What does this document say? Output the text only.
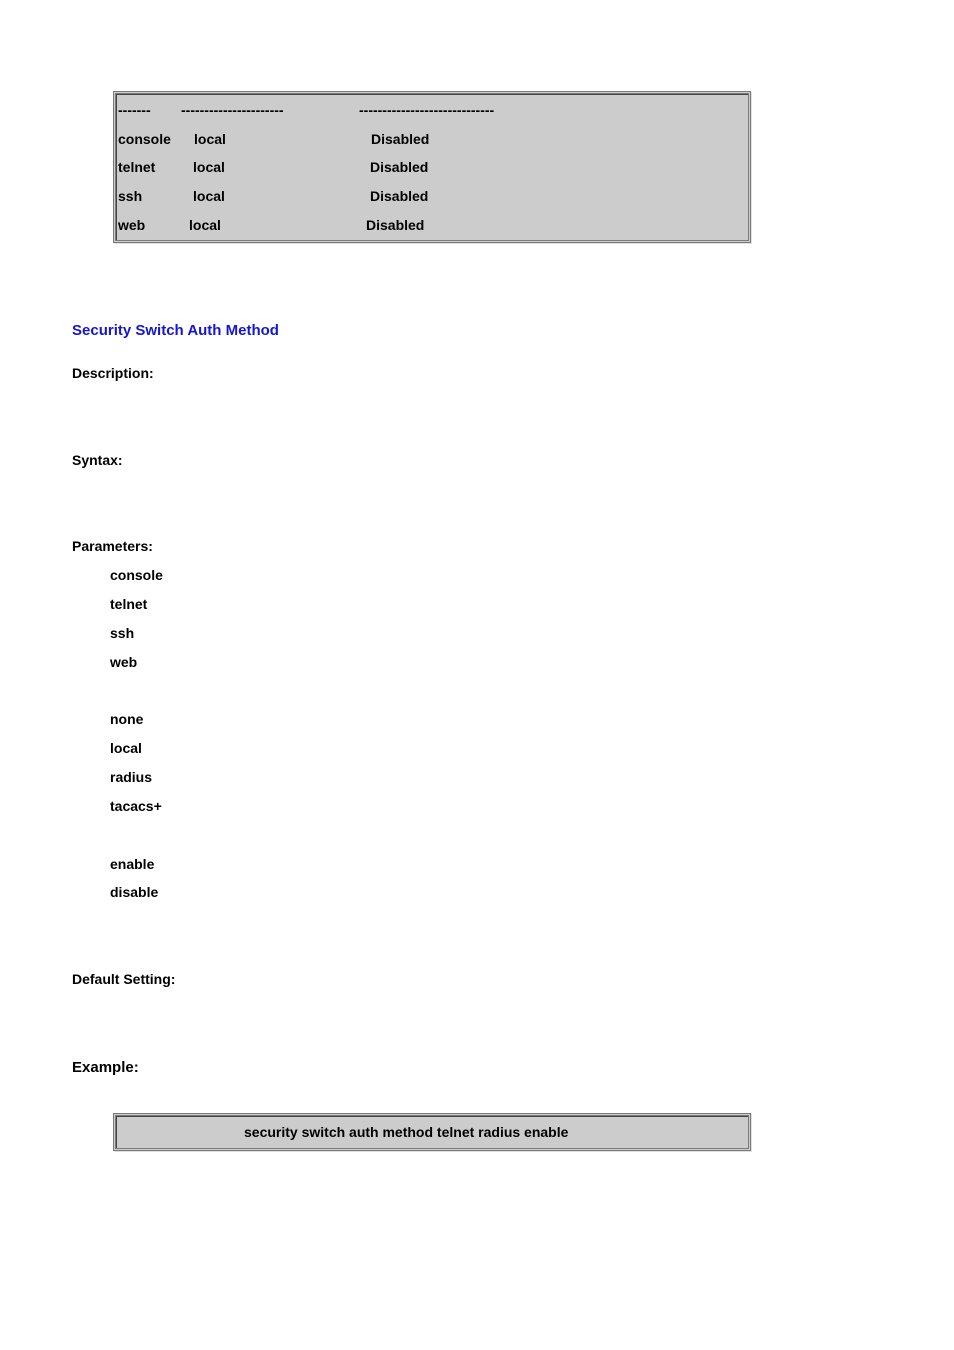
------- ----------------------	-----------------------------
console local	Disabled
telnet	local	Disabled
ssh	local	Disabled
web	local	Disabled
Security Switch Auth Method
Description:
Syntax:
Parameters:
console
telnet
ssh
web
none
local
radius
tacacs+
enable
disable
Default Setting:
Example:
security switch auth method telnet radius enable
